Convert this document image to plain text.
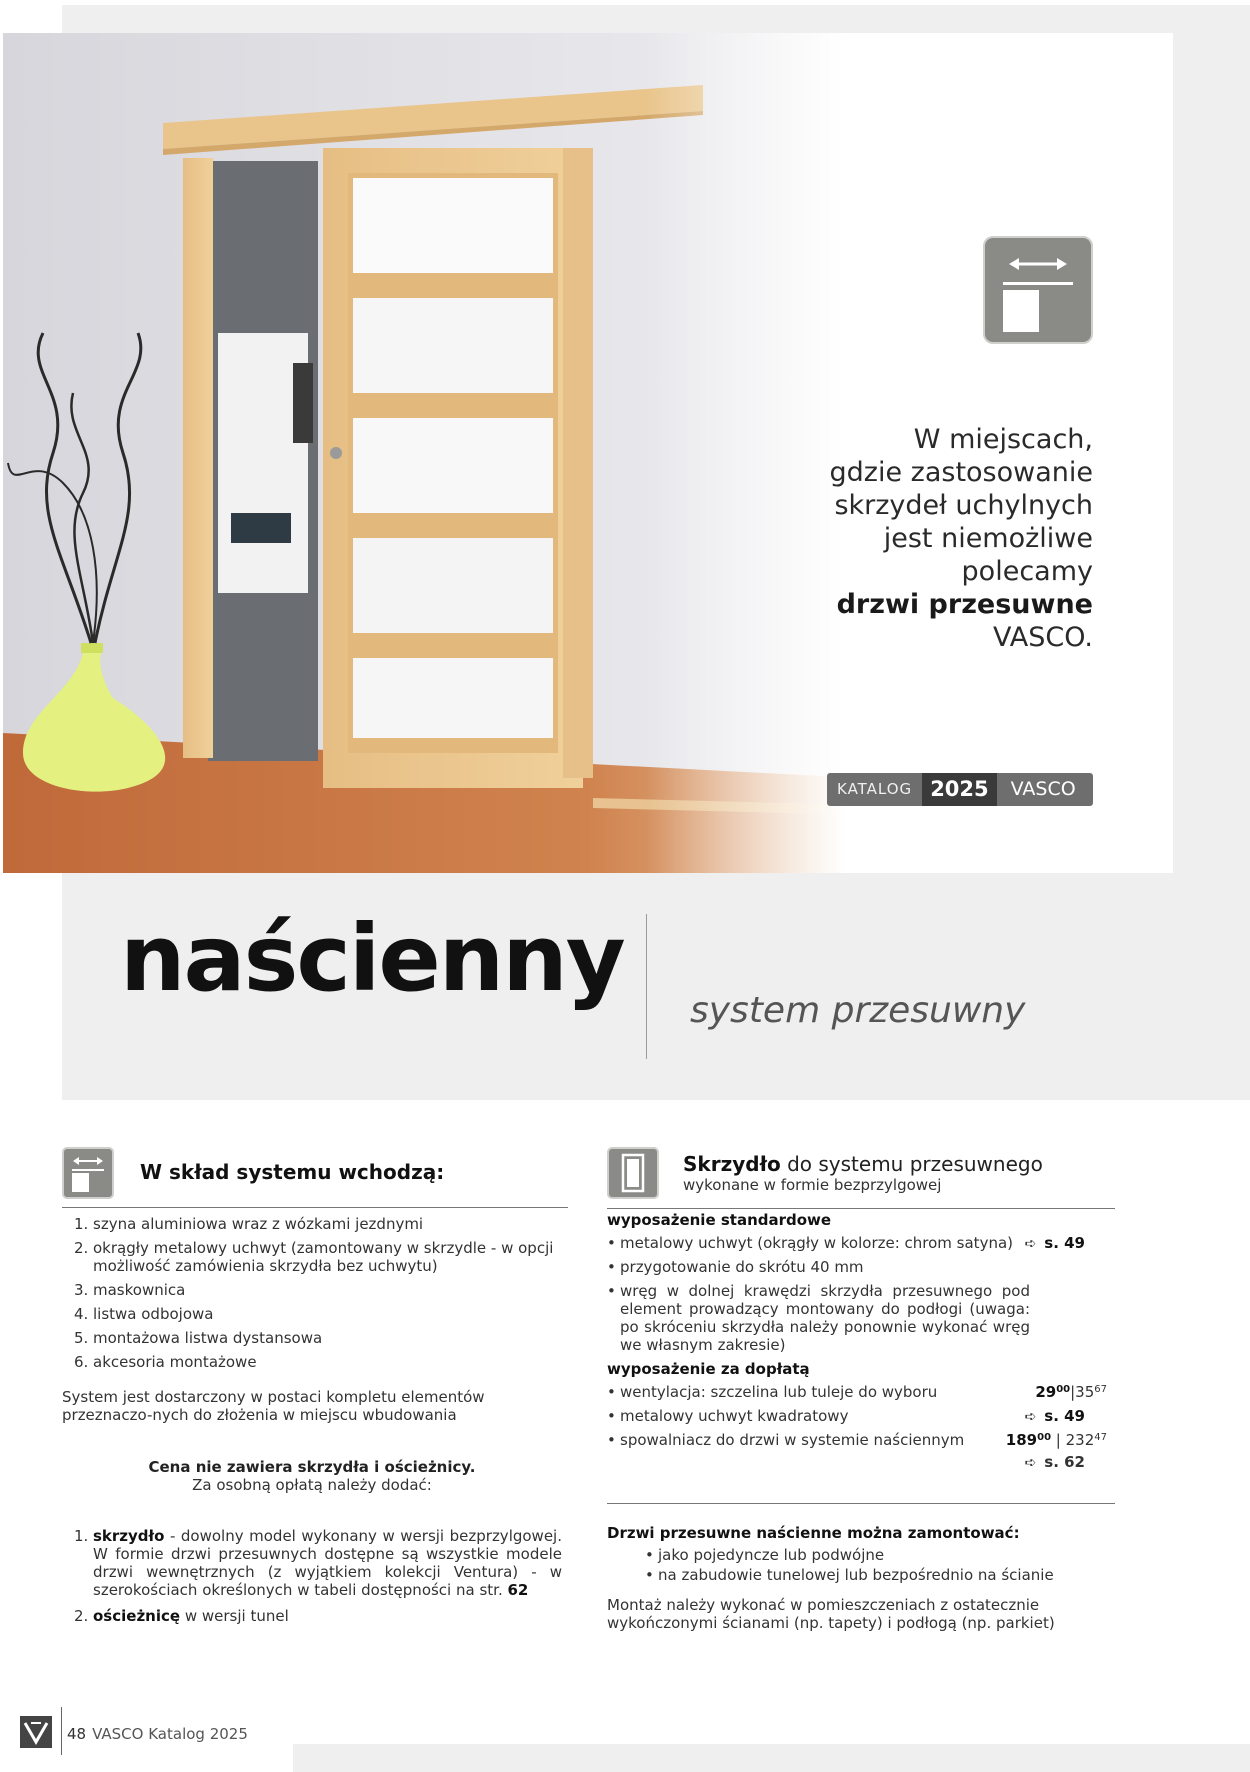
W miejscach,
gdzie zastosowanie
skrzydeł uchylnych
jest niemożliwe
polecamy
drzwi przesuwne
VASCO.
KATALOG 2025	VASCO
naścienny system przesuwny
W skład systemu wchodzą:
1. szyna aluminiowa wraz z wózkami jezdnymi
2. okrągły metalowy uchwyt (zamontowany w skrzydle - w opcji możliwość zamówienia skrzydła bez uchwytu)
3. maskownica
4. listwa odbojowa
5. montażowa listwa dystansowa
6. akcesoria montażowe
System jest dostarczony w postaci kompletu elementów przeznaczo-nych do złożenia w miejscu wbudowania
Cena nie zawiera skrzydła i ościeżnicy.
Za osobną opłatą należy dodać:
1. skrzydło - dowolny model wykonany w wersji bezprzylgowej. W formie drzwi przesuwnych dostępne są wszystkie modele drzwi wewnętrznych (z wyjątkiem kolekcji Ventura) - w szerokościach określonych w tabeli dostępności na str. 62
2. ościeżnicę w wersji tunel
Skrzydło do systemu przesuwnego
wykonane w formie bezprzylgowej
wyposażenie standardowe
• metalowy uchwyt (okrągły w kolorze: chrom satyna) ➪ s. 49
• przygotowanie do skrótu 40 mm
• wręg w dolnej krawędzi skrzydła przesuwnego pod element prowadzący montowany do podłogi (uwaga: po skróceniu skrzydła należy ponownie wykonać wręg we własnym zakresie)
wyposażenie za dopłatą
• wentylacja: szczelina lub tuleje do wyboru	$29^{00}|35^{67}$
• metalowy uchwyt kwadratowy	➪ s. 49
• spowalniacz do drzwi w systemie naściennym	$189^{00}$ | $232^{47}$
➪ s. 62
Drzwi przesuwne naścienne można zamontować:
• jako pojedyncze lub podwójne
• na zabudowie tunelowej lub bezpośrednio na ścianie
Montaż należy wykonać w pomieszczeniach z ostatecznie wykończonymi ścianami (np. tapety) i podłogą (np. parkiet)
48 VASCO Katalog 2025
